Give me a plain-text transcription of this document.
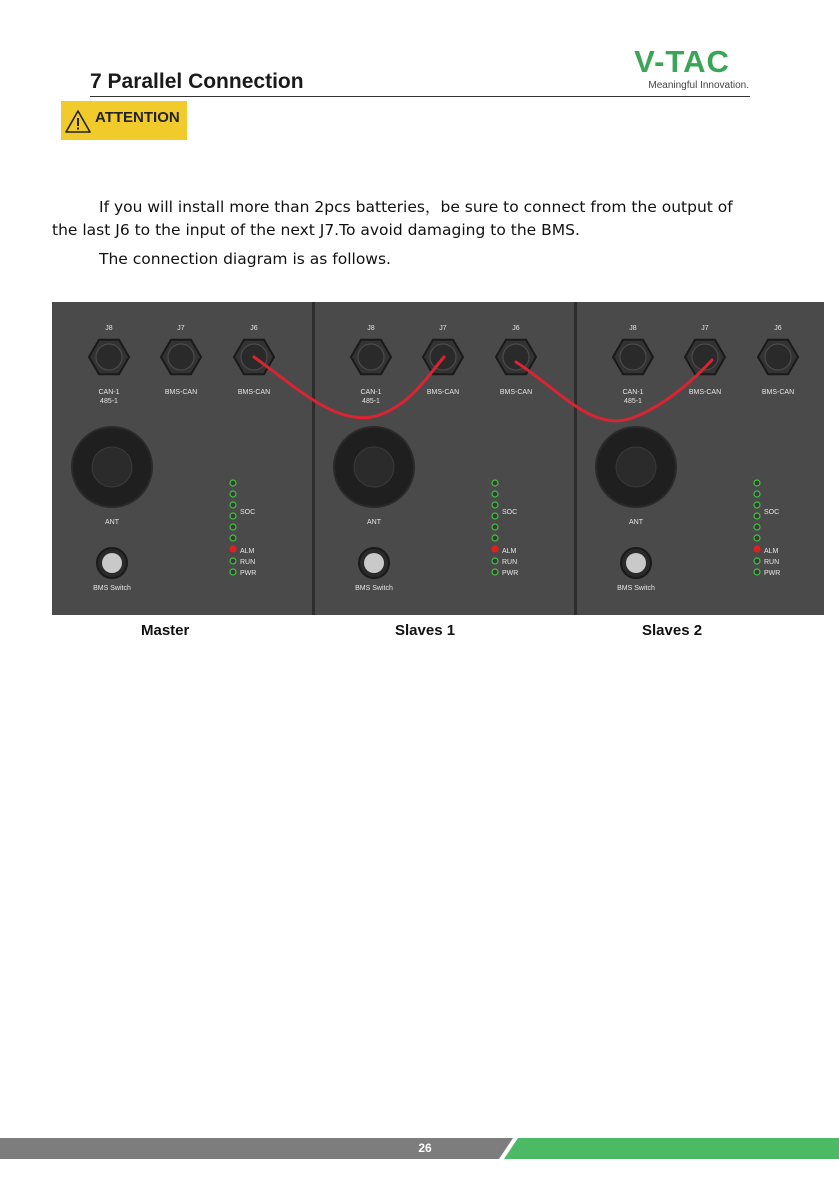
7 Parallel Connection
V-TAC
Meaningful Innovation.
ATTENTION
If you will install more than 2pcs batteries，be sure to connect from the output of
the last J6 to the input of the next J7.To avoid damaging to the BMS.
The connection diagram is as follows.
J8
CAN-1
485-1
J7
BMS-CAN
J6
BMS-CAN
ANT
BMS Switch
SOC
ALM
RUN
PWR
J8
CAN-1
485-1
J7
BMS-CAN
J6
BMS-CAN
ANT
BMS Switch
SOC
ALM
RUN
PWR
J8
CAN-1
485-1
J7
BMS-CAN
J6
BMS-CAN
ANT
BMS Switch
SOC
ALM
RUN
PWR
Master	Slaves 1	Slaves 2
26
